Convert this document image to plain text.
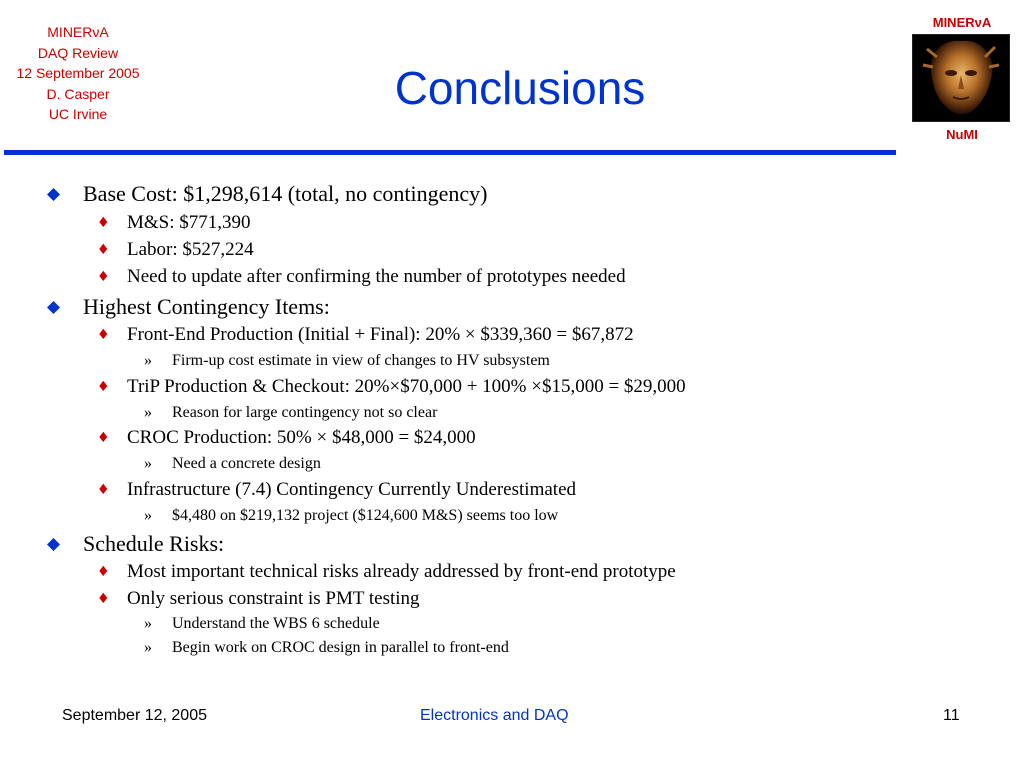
MINERνA
DAQ Review
12 September 2005
D. Casper
UC Irvine	Conclusions
MINERνA
NuMI
Base Cost: $1,298,614 (total, no contingency)
♦ M&S: $771,390
♦ Labor: $527,224
♦ Need to update after confirming the number of prototypes needed
Highest Contingency Items:
♦ Front-End Production (Initial + Final): 20% × $339,360 = $67,872
» Firm-up cost estimate in view of changes to HV subsystem
♦ TriP Production & Checkout: 20%×$70,000 + 100% ×$15,000 = $29,000
» Reason for large contingency not so clear
♦ CROC Production: 50% × $48,000 = $24,000
» Need a concrete design
♦ Infrastructure (7.4) Contingency Currently Underestimated
» $4,480 on $219,132 project ($124,600 M&S) seems too low
Schedule Risks:
♦ Most important technical risks already addressed by front-end prototype
♦ Only serious constraint is PMT testing
» Understand the WBS 6 schedule
» Begin work on CROC design in parallel to front-end
September 12, 2005	Electronics and DAQ	11
